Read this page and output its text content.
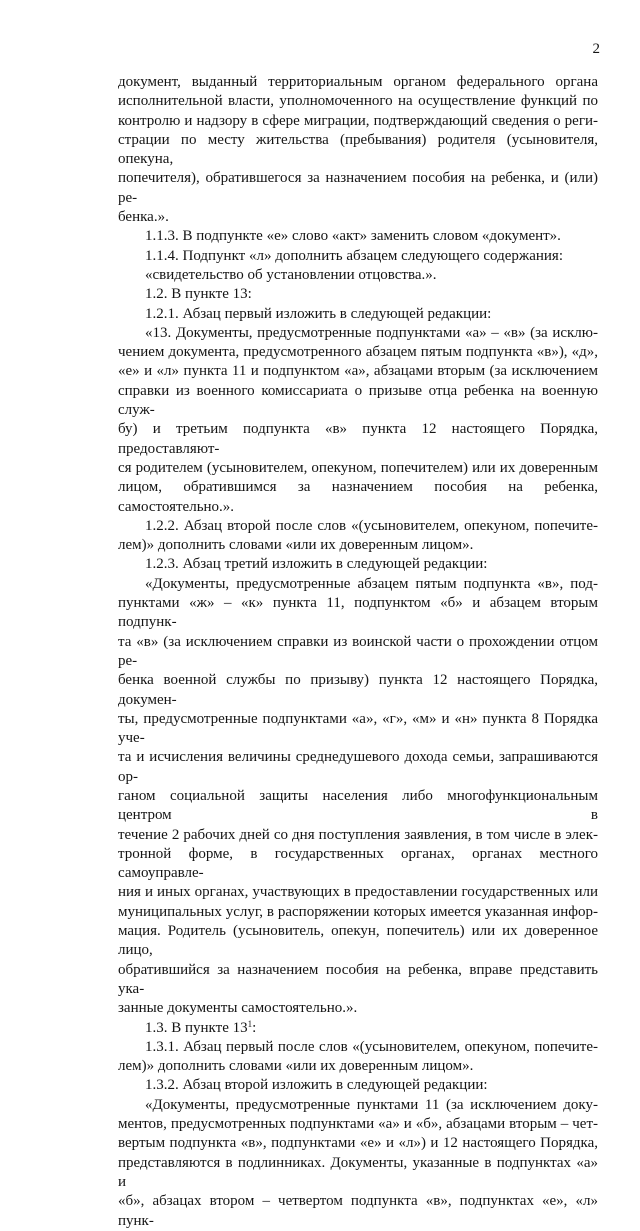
2
документ, выданный территориальным органом федерального органа
исполнительной власти, уполномоченного на осуществление функций по
контролю и надзору в сфере миграции, подтверждающий сведения о реги-
страции по месту жительства (пребывания) родителя (усыновителя, опекуна,
попечителя), обратившегося за назначением пособия на ребенка, и (или) ре-
бенка.».
1.1.3. В подпункте «е» слово «акт» заменить словом «документ».
1.1.4. Подпункт «л» дополнить абзацем следующего содержания:
«свидетельство об установлении отцовства.».
1.2. В пункте 13:
1.2.1. Абзац первый изложить в следующей редакции:
«13. Документы, предусмотренные подпунктами «а» – «в» (за исклю-
чением документа, предусмотренного абзацем пятым подпункта «в»), «д»,
«е» и «л» пункта 11 и подпунктом «а», абзацами вторым (за исключением
справки из военного комиссариата о призыве отца ребенка на военную служ-
бу) и третьим подпункта «в» пункта 12 настоящего Порядка, предоставляют-
ся родителем (усыновителем, опекуном, попечителем) или их доверенным
лицом, обратившимся за назначением пособия на ребенка, самостоятельно.».
1.2.2. Абзац второй после слов «(усыновителем, опекуном, попечите-
лем)» дополнить словами «или их доверенным лицом».
1.2.3. Абзац третий изложить в следующей редакции:
«Документы, предусмотренные абзацем пятым подпункта «в», под-
пунктами «ж» – «к» пункта 11, подпунктом «б» и абзацем вторым подпунк-
та «в» (за исключением справки из воинской части о прохождении отцом ре-
бенка военной службы по призыву) пункта 12 настоящего Порядка, докумен-
ты, предусмотренные подпунктами «а», «г», «м» и «н» пункта 8 Порядка уче-
та и исчисления величины среднедушевого дохода семьи, запрашиваются ор-
ганом социальной защиты населения либо многофункциональным центром в
течение 2 рабочих дней со дня поступления заявления, в том числе в элек-
тронной форме, в государственных органах, органах местного самоуправле-
ния и иных органах, участвующих в предоставлении государственных или
муниципальных услуг, в распоряжении которых имеется указанная инфор-
мация. Родитель (усыновитель, опекун, попечитель) или их доверенное лицо,
обратившийся за назначением пособия на ребенка, вправе представить ука-
занные документы самостоятельно.».
1.3. В пункте $13^1$:
1.3.1. Абзац первый после слов «(усыновителем, опекуном, попечите-
лем)» дополнить словами «или их доверенным лицом».
1.3.2. Абзац второй изложить в следующей редакции:
«Документы, предусмотренные пунктами 11 (за исключением доку-
ментов, предусмотренных подпунктами «а» и «б», абзацами вторым – чет-
вертым подпункта «в», подпунктами «е» и «л») и 12 настоящего Порядка,
представляются в подлинниках. Документы, указанные в подпунктах «а» и
«б», абзацах втором – четвертом подпункта «в», подпунктах «е», «л» пунк-
